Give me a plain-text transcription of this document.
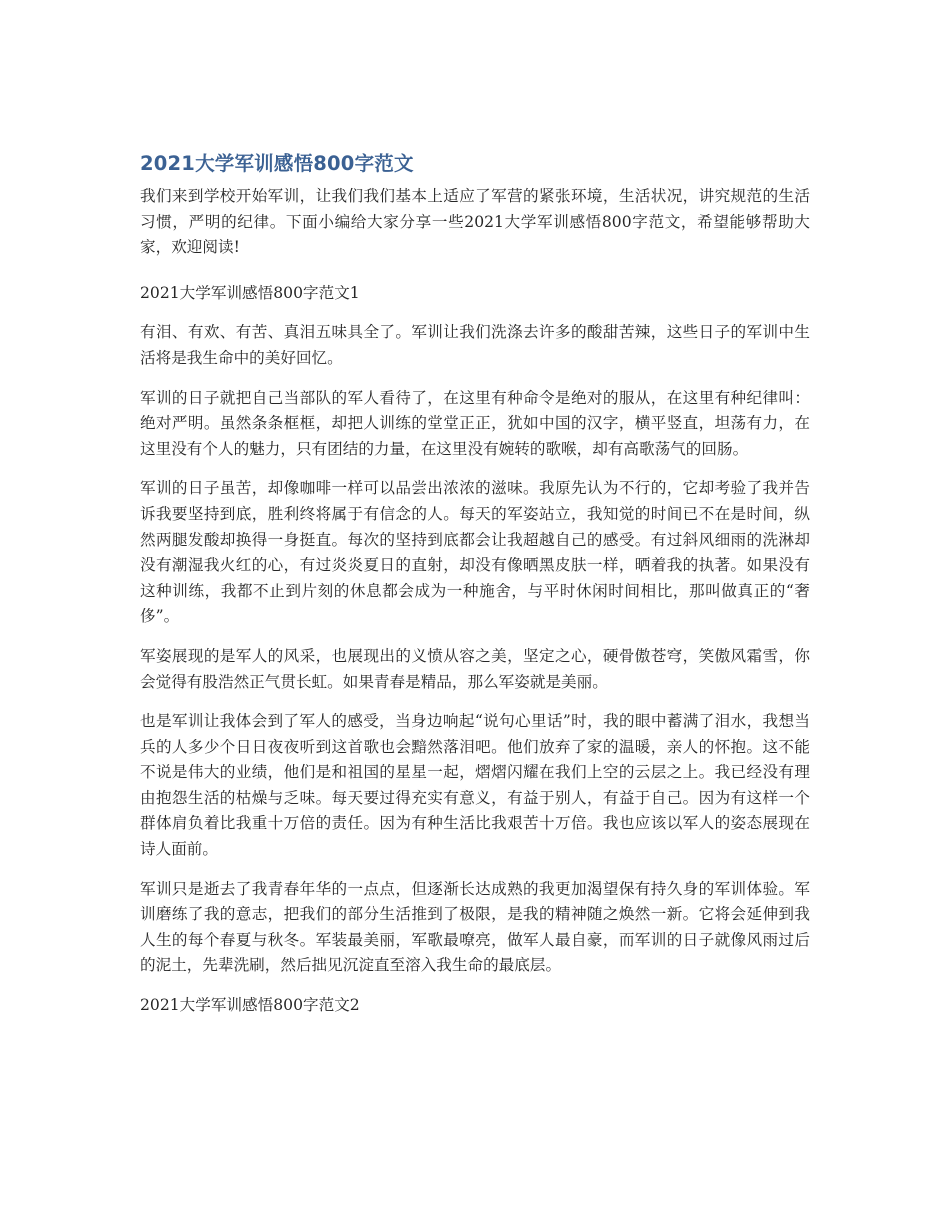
2021大学军训感悟800字范文

我们来到学校开始军训，让我们我们基本上适应了军营的紧张环境，生活状况，讲究规范的生活习惯，严明的纪律。下面小编给大家分享一些2021大学军训感悟800字范文，希望能够帮助大家，欢迎阅读!

2021大学军训感悟800字范文1

有泪、有欢、有苦、真泪五味具全了。军训让我们洗涤去许多的酸甜苦辣，这些日子的军训中生活将是我生命中的美好回忆。

军训的日子就把自己当部队的军人看待了，在这里有种命令是绝对的服从，在这里有种纪律叫：绝对严明。虽然条条框框，却把人训练的堂堂正正，犹如中国的汉字，横平竖直，坦荡有力，在这里没有个人的魅力，只有团结的力量，在这里没有婉转的歌喉，却有高歌荡气的回肠。

军训的日子虽苦，却像咖啡一样可以品尝出浓浓的滋味。我原先认为不行的，它却考验了我并告诉我要坚持到底，胜利终将属于有信念的人。每天的军姿站立，我知觉的时间已不在是时间，纵然两腿发酸却换得一身挺直。每次的坚持到底都会让我超越自己的感受。有过斜风细雨的洗淋却没有潮湿我火红的心，有过炎炎夏日的直射，却没有像晒黑皮肤一样，晒着我的执著。如果没有这种训练，我都不止到片刻的休息都会成为一种施舍，与平时休闲时间相比，那叫做真正的“奢侈”。

军姿展现的是军人的风采，也展现出的义愤从容之美，坚定之心，硬骨傲苍穹，笑傲风霜雪，你会觉得有股浩然正气贯长虹。如果青春是精品，那么军姿就是美丽。

也是军训让我体会到了军人的感受，当身边响起“说句心里话”时，我的眼中蓄满了泪水，我想当兵的人多少个日日夜夜听到这首歌也会黯然落泪吧。他们放弃了家的温暖，亲人的怀抱。这不能不说是伟大的业绩，他们是和祖国的星星一起，熠熠闪耀在我们上空的云层之上。我已经没有理由抱怨生活的枯燥与乏味。每天要过得充实有意义，有益于别人，有益于自己。因为有这样一个群体肩负着比我重十万倍的责任。因为有种生活比我艰苦十万倍。我也应该以军人的姿态展现在诗人面前。

军训只是逝去了我青春年华的一点点，但逐渐长达成熟的我更加渴望保有持久身的军训体验。军训磨练了我的意志，把我们的部分生活推到了极限，是我的精神随之焕然一新。它将会延伸到我人生的每个春夏与秋冬。军装最美丽，军歌最嘹亮，做军人最自豪，而军训的日子就像风雨过后的泥土，先辈洗刷，然后拙见沉淀直至溶入我生命的最底层。

2021大学军训感悟800字范文2
